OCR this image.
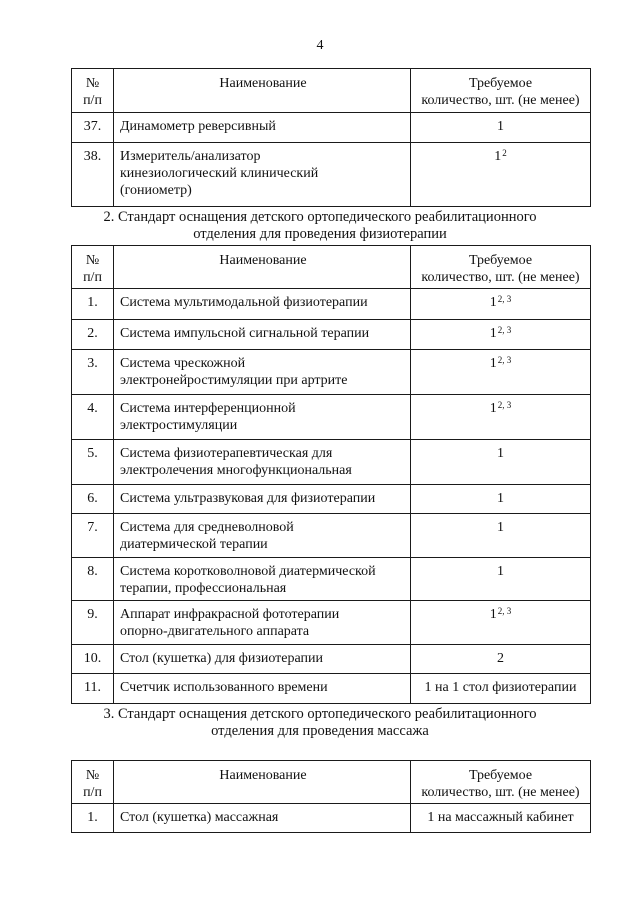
4
№
п/п	Наименование	Требуемое
количество, шт. (не менее)

37.	Динамометр реверсивный	1
38.	Измеритель/анализатор
кинезиологический клинический
(гониометр)	$1^2$
2. Стандарт оснащения детского ортопедического реабилитационного
отделения для проведения физиотерапии
№
п/п	Наименование	Требуемое
количество, шт. (не менее)

1.	Система мультимодальной физиотерапии	1$^{2, 3}$
2.	Система импульсной сигнальной терапии	1$^{2, 3}$
3.	Система чрескожной
электронейростимуляции при артрите	1$^{2, 3}$
4.	Система интерференционной
электростимуляции	1$^{2, 3}$
5.	Система физиотерапевтическая для
электролечения многофункциональная	1
6.	Система ультразвуковая для физиотерапии	1
7.	Система для средневолновой
диатермической терапии	1
8.	Система коротковолновой диатермической
терапии, профессиональная	1
9.	Аппарат инфракрасной фототерапии
опорно-двигательного аппарата	1$^{2, 3}$
10.	Стол (кушетка) для физиотерапии	2
11.	Счетчик использованного времени	1 на 1 стол физиотерапии
3. Стандарт оснащения детского ортопедического реабилитационного
отделения для проведения массажа
№
п/п	Наименование	Требуемое
количество, шт. (не менее)

1.	Стол (кушетка) массажная	1 на массажный кабинет
